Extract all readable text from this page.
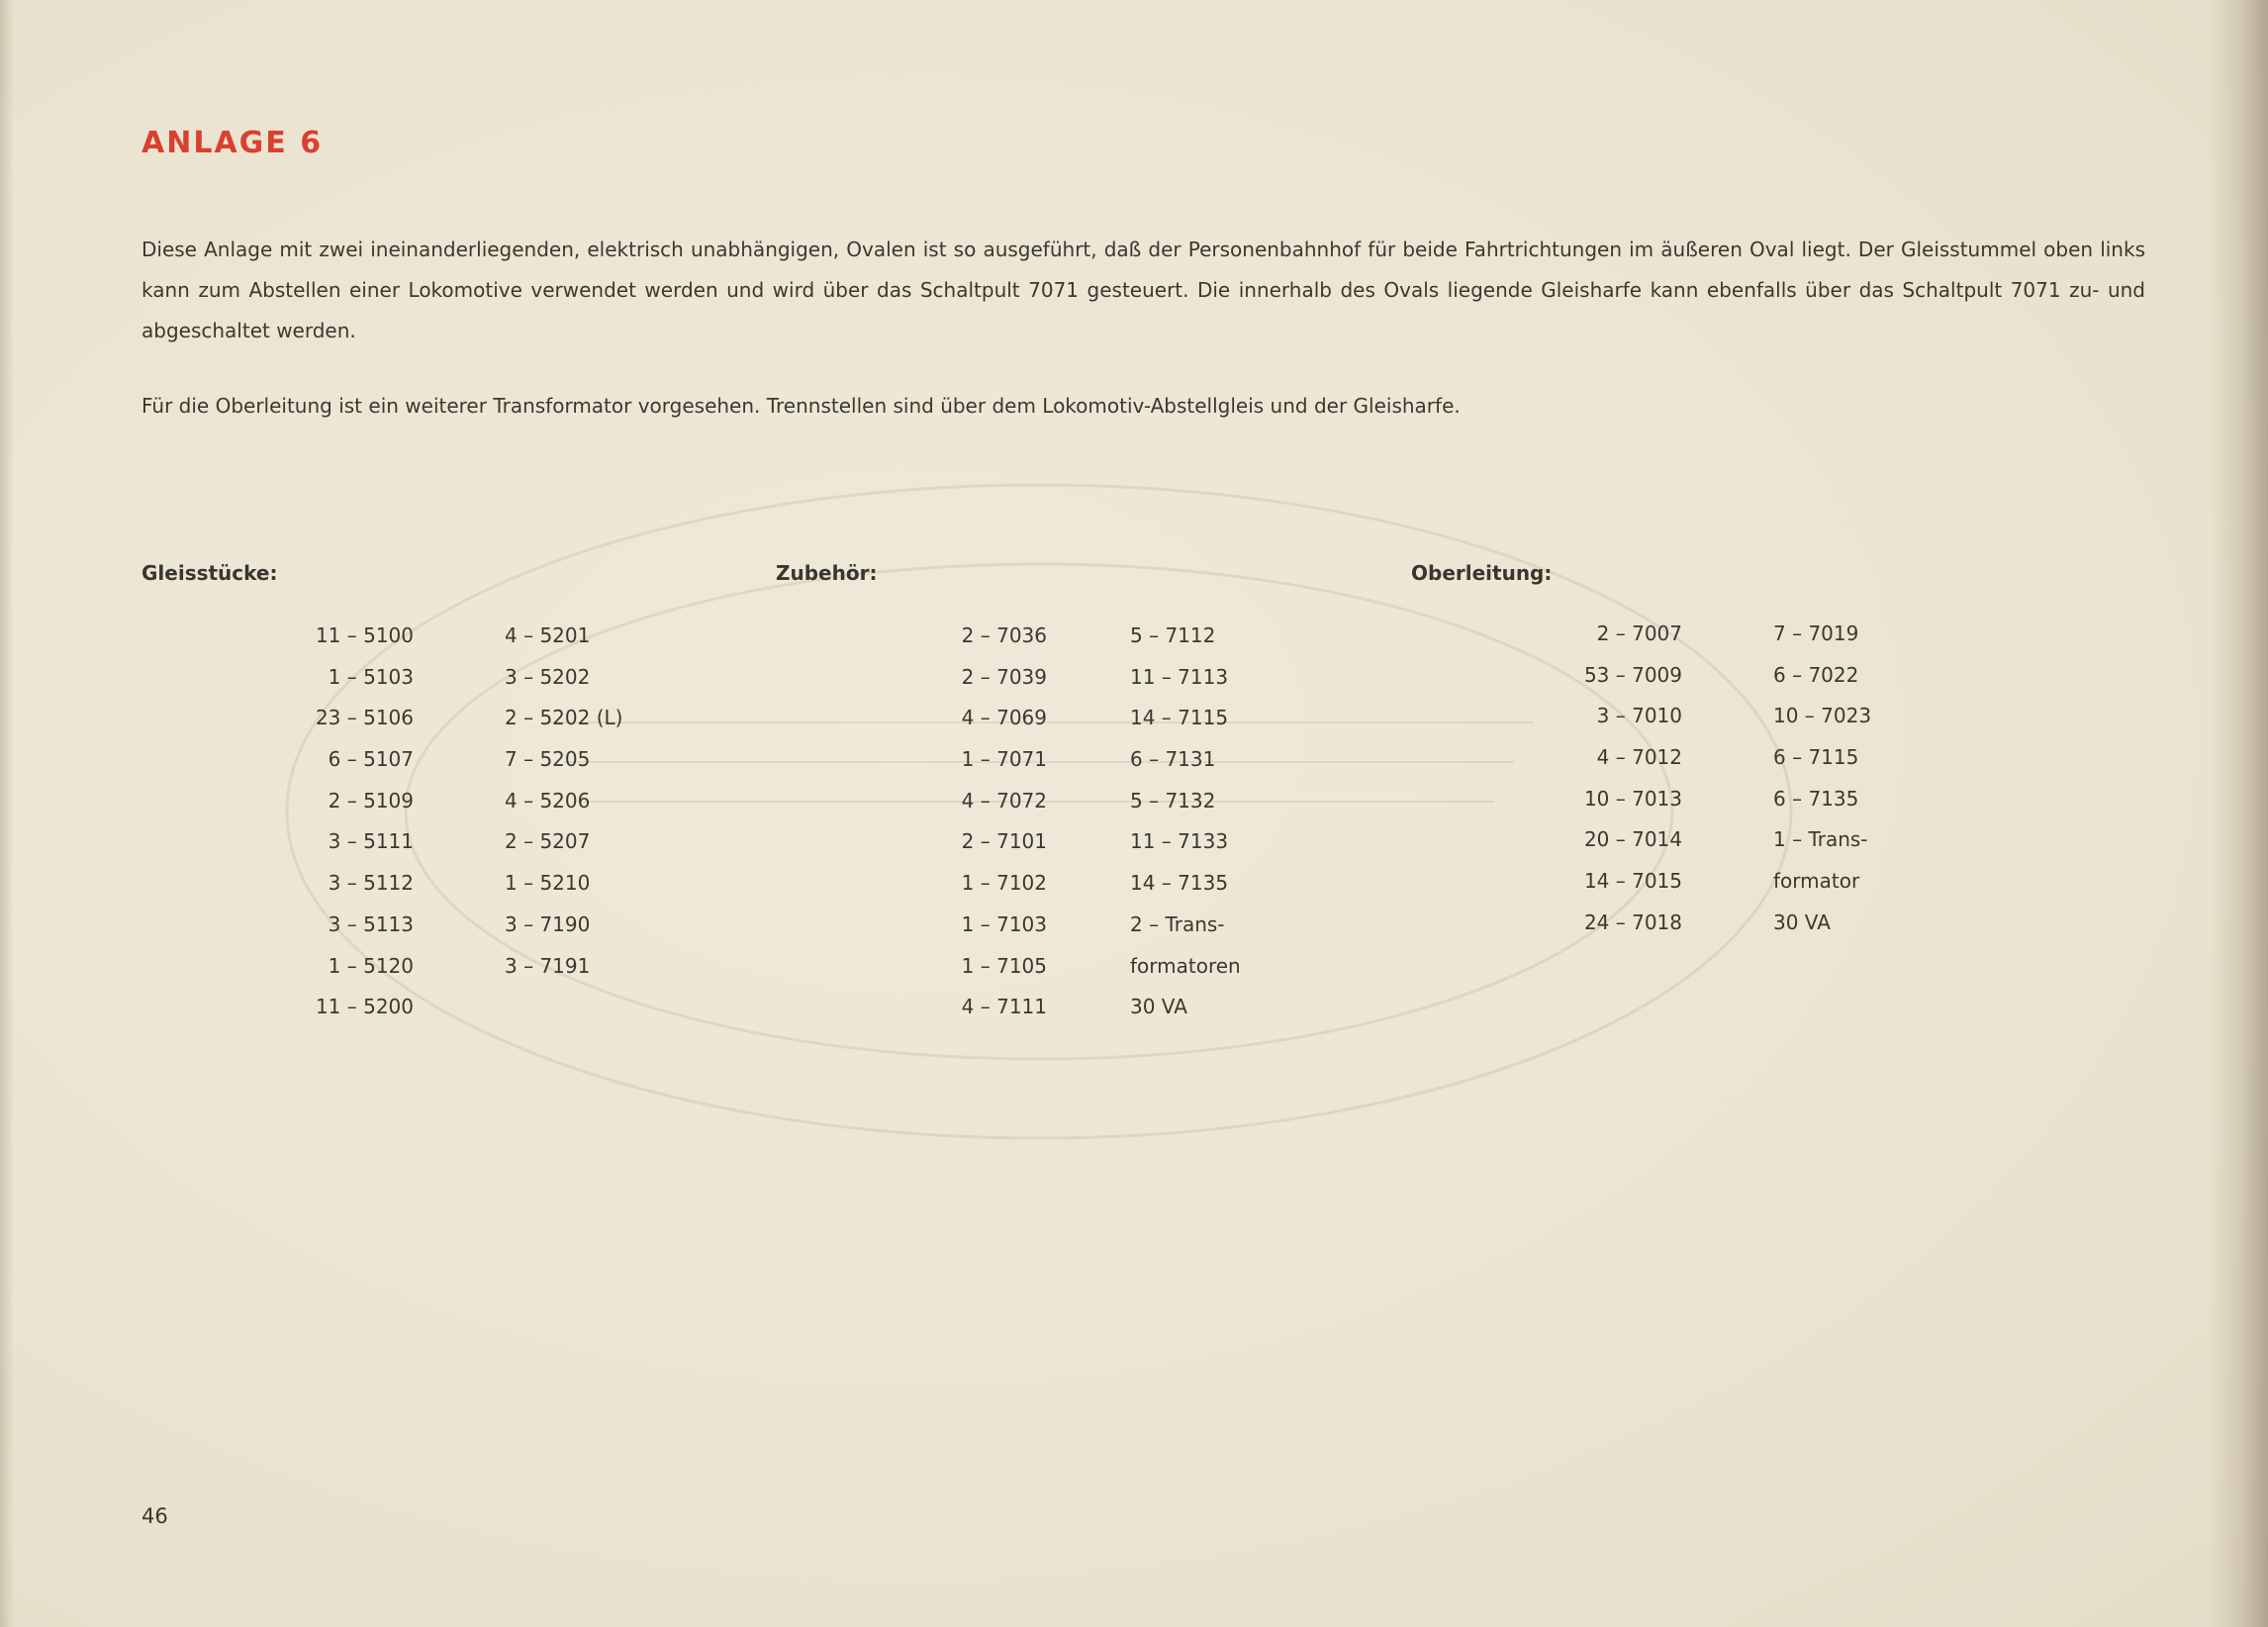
ANLAGE 6
Diese Anlage mit zwei ineinanderliegenden, elektrisch unabhängigen, Ovalen ist so ausgeführt, daß der Personenbahnhof für beide Fahrtrichtungen im äußeren Oval liegt. Der Gleisstummel oben links kann zum Abstellen einer Lokomotive verwendet werden und wird über das Schaltpult 7071 gesteuert. Die innerhalb des Ovals liegende Gleisharfe kann ebenfalls über das Schaltpult 7071 zu- und abgeschaltet werden.
Für die Oberleitung ist ein weiterer Transformator vorgesehen. Trennstellen sind über dem Lokomotiv-Abstellgleis und der Gleisharfe.
Gleisstücke:	Zubehör:	Oberleitung:
11 – 5100
1 – 5103
23 – 5106
6 – 5107
2 – 5109
3 – 5111
3 – 5112
3 – 5113
1 – 5120
11 – 5200
4 – 5201
3 – 5202
2 – 5202 (L)
7 – 5205
4 – 5206
2 – 5207
1 – 5210
3 – 7190
3 – 7191
2 – 7036
2 – 7039
4 – 7069
1 – 7071
4 – 7072
2 – 7101
1 – 7102
1 – 7103
1 – 7105
4 – 7111
5 – 7112
11 – 7113
14 – 7115
6 – 7131
5 – 7132
11 – 7133
14 – 7135
2 – Trans-
formatoren
30 VA
2 – 7007
53 – 7009
3 – 7010
4 – 7012
10 – 7013
20 – 7014
14 – 7015
24 – 7018
7 – 7019
6 – 7022
10 – 7023
6 – 7115
6 – 7135
1 – Trans-
formator
30 VA
46
